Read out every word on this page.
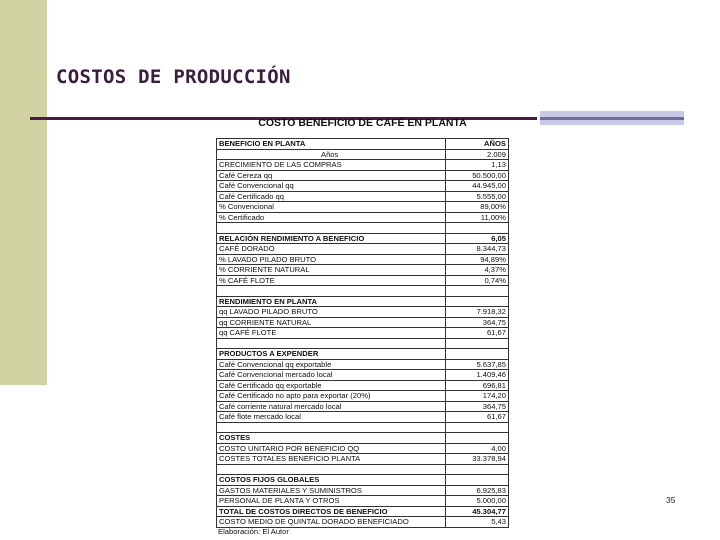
COSTOS DE PRODUCCIÓN
COSTO BENEFICIO DE CAFÉ EN PLANTA
BENEFICIO EN PLANTA	AÑOS
Años	2.009
CRECIMIENTO DE LAS COMPRAS	1,13
Café Cereza qq	50.500,00
Café Convencional qq	44.945,00
Café Certificado qq	5.555,00
% Convencional	89,00%
% Certificado	11,00%

RELACIÓN RENDIMIENTO A BENEFICIO	6,05
CAFÉ DORADO	8.344,73
% LAVADO PILADO BRUTO	94,89%
% CORRIENTE NATURAL	4,37%
% CAFÉ FLOTE	0,74%

RENDIMIENTO EN PLANTA	
qq LAVADO PILADO BRUTO	7.918,32
qq CORRIENTE NATURAL	364,75
qq CAFÉ FLOTE	61,67

PRODUCTOS A EXPENDER	
Café Convencional qq exportable	5.637,85
Café Convencional mercado local	1.409,46
Café Certificado qq exportable	696,81
Café Certificado no apto para exportar (20%)	174,20
Café corriente natural mercado local	364,75
Café flote mercado local	61,67

COSTES	
COSTO UNITARIO POR BENEFICIO QQ	4,00
COSTES TOTALES BENEFICIO PLANTA	33.378,94

COSTOS FIJOS GLOBALES	
GASTOS MATERIALES Y SUMINISTROS	6.925,83
PERSONAL DE PLANTA Y OTROS	5.000,00
TOTAL DE COSTOS DIRECTOS DE BENEFICIO	45.304,77
COSTO MEDIO DE QUINTAL DORADO BENEFICIADO	5,43
Elaboración: El Autor
35
